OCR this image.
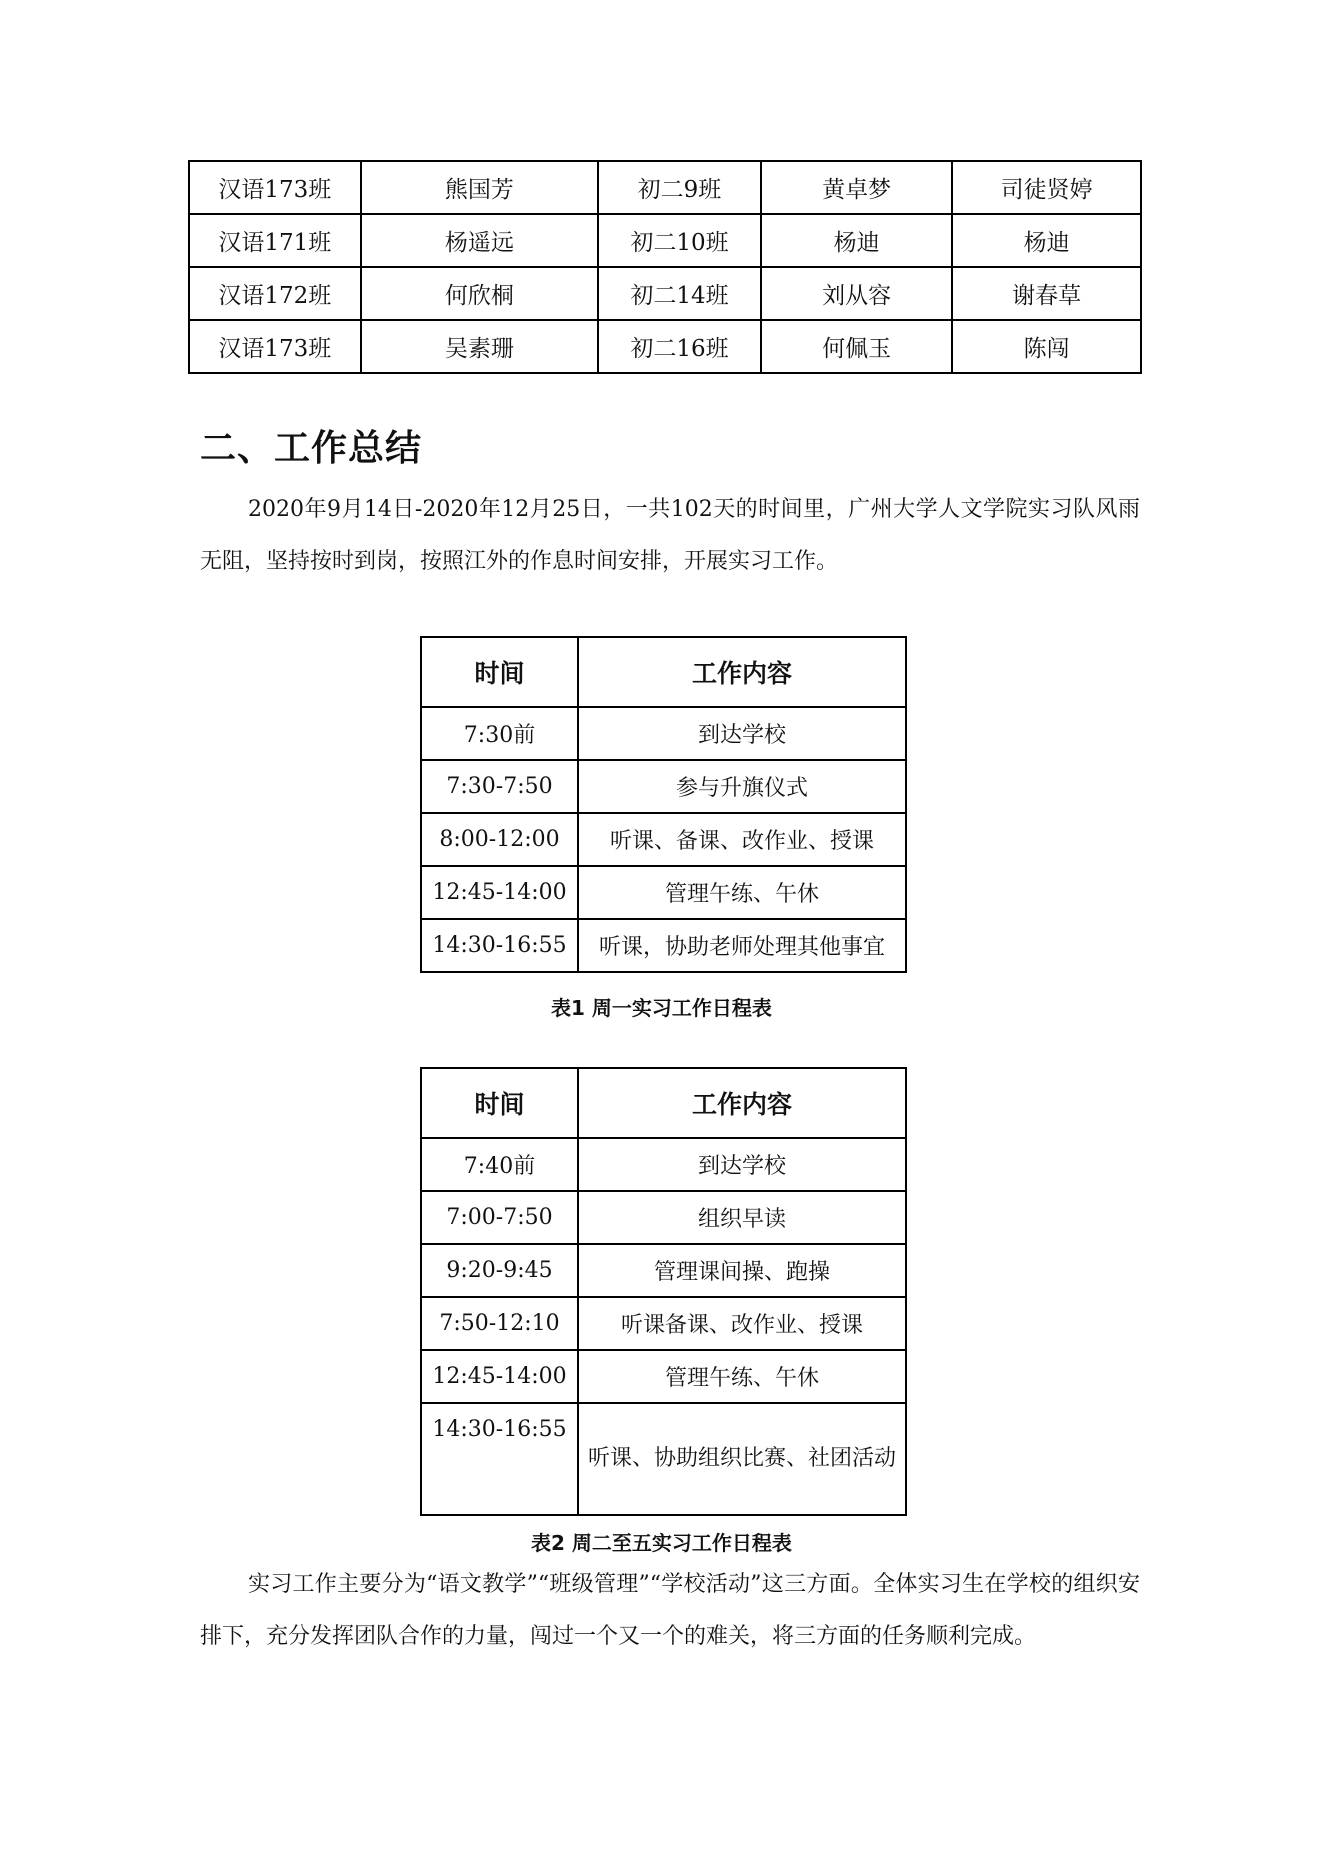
汉语173班	熊国芳	初二9班	黄卓梦	司徒贤婷
汉语171班	杨遥远	初二10班	杨迪	杨迪
汉语172班	何欣桐	初二14班	刘从容	谢春草
汉语173班	吴素珊	初二16班	何佩玉	陈闯
二、工作总结

2020年9月14日-2020年12月25日，一共102天的时间里，广州大学人文学院实习队风雨无阻，坚持按时到岗，按照江外的作息时间安排，开展实习工作。

时间	工作内容
7:30前	到达学校
7:30-7:50	参与升旗仪式
8:00-12:00	听课、备课、改作业、授课
12:45-14:00	管理午练、午休
14:30-16:55	听课，协助老师处理其他事宜

表1 周一实习工作日程表

时间	工作内容
7:40前	到达学校
7:00-7:50	组织早读
9:20-9:45	管理课间操、跑操
7:50-12:10	听课备课、改作业、授课
12:45-14:00	管理午练、午休
14:30-16:55	听课、协助组织比赛、社团活动

表2 周二至五实习工作日程表

实习工作主要分为“语文教学”“班级管理”“学校活动”这三方面。全体实习生在学校的组织安排下，充分发挥团队合作的力量，闯过一个又一个的难关，将三方面的任务顺利完成。
